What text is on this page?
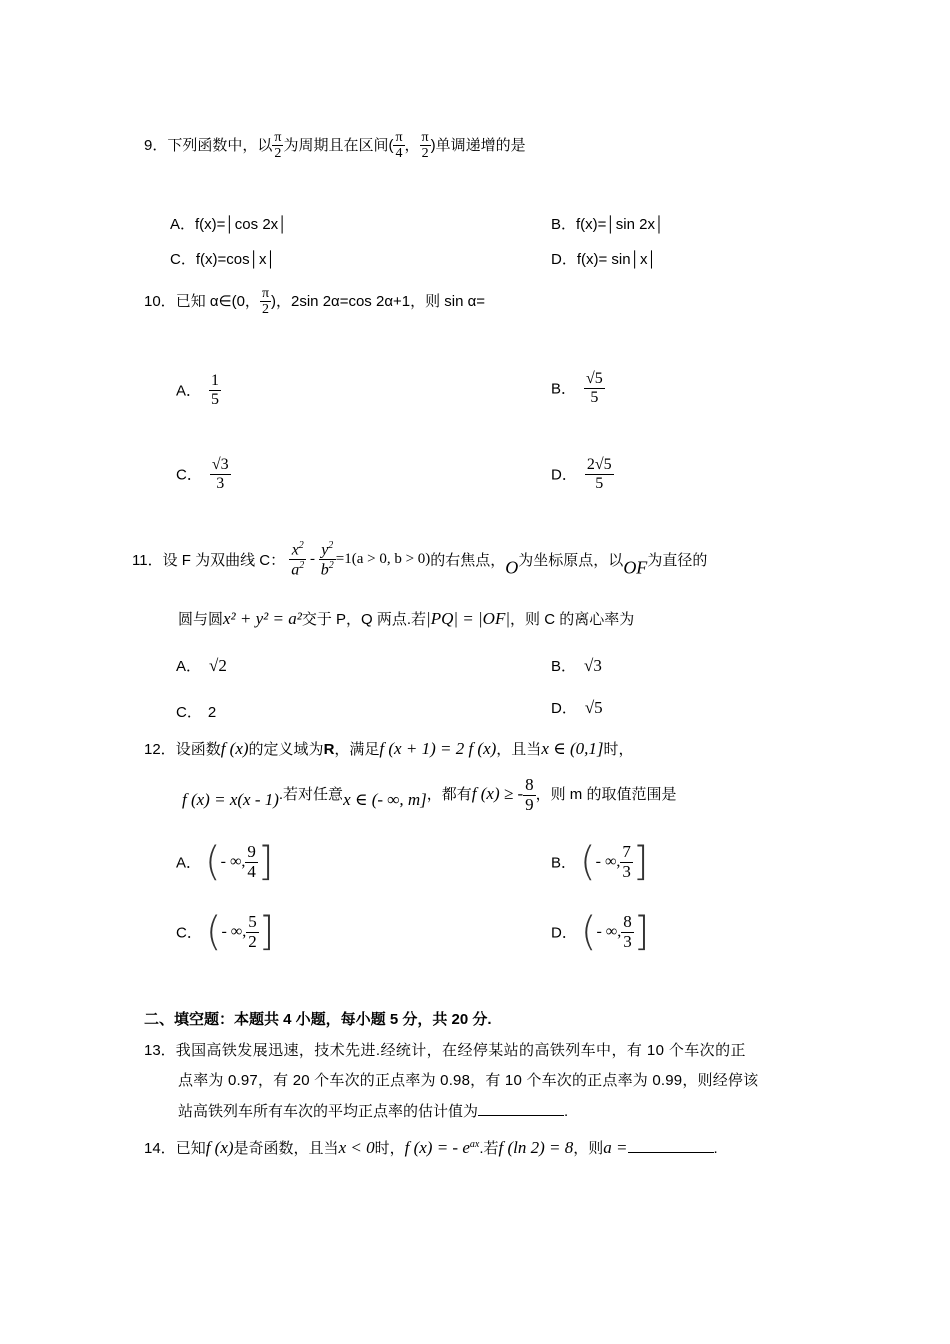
9．下列函数中，以 $\frac{\pi}{2}$ 为周期且在区间( $\frac{\pi}{4}$ ， $\frac{\pi}{2}$ )单调递增的是
A．f(x)=│cos 2x│	B．f(x)=│sin 2x│
C．f(x)=cos│x│	D．f(x)= sin│x│
10．已知 α∈(0， $\frac{\pi}{2}$ )，2sin 2α=cos 2α+1，则 sin α=
A． $\frac{1}{5}$	B． $\frac{√5}{5}$
C． $\frac{√3}{3}$	D． $\frac{2√5}{5}$
11．设 F 为双曲线 C： $\frac{x^2}{a^2} - \frac{y^2}{b^2} =1(a > 0$, b > 0)的右焦点，O为坐标原点，以OF为直径的
圆与圆x² + y² = a²交于 P，Q 两点.若|PQ| = |OF|，则 C 的离心率为
A． √2	B． √3
C． 2	D． √5
12．设函数f (x)的定义域为R，满足f (x + 1) = 2 f (x)，且当x ∈ (0,1]时，
f (x) = x(x - 1).若对任意x ∈ (- ∞, m]，都有f (x) ≥ - $\frac{8}{9}$ ，则 m 的取值范围是
A． (- ∞, $\frac{9}{4}$ ]	B． (- ∞, $\frac{7}{3}$ ]
C． (- ∞, $\frac{5}{2}$ ]	D． (- ∞, $\frac{8}{3}$ ]
二、填空题：本题共 4 小题，每小题 5 分，共 20 分.
13．我国高铁发展迅速，技术先进.经统计，在经停某站的高铁列车中，有 10 个车次的正
点率为 0.97，有 20 个车次的正点率为 0.98，有 10 个车次的正点率为 0.99，则经停该
站高铁列车所有车次的平均正点率的估计值为	.
14．已知f (x)是奇函数，且当x < 0时，f (x) = - $e^{ax}$.若f (ln 2) = 8，则a =	.
